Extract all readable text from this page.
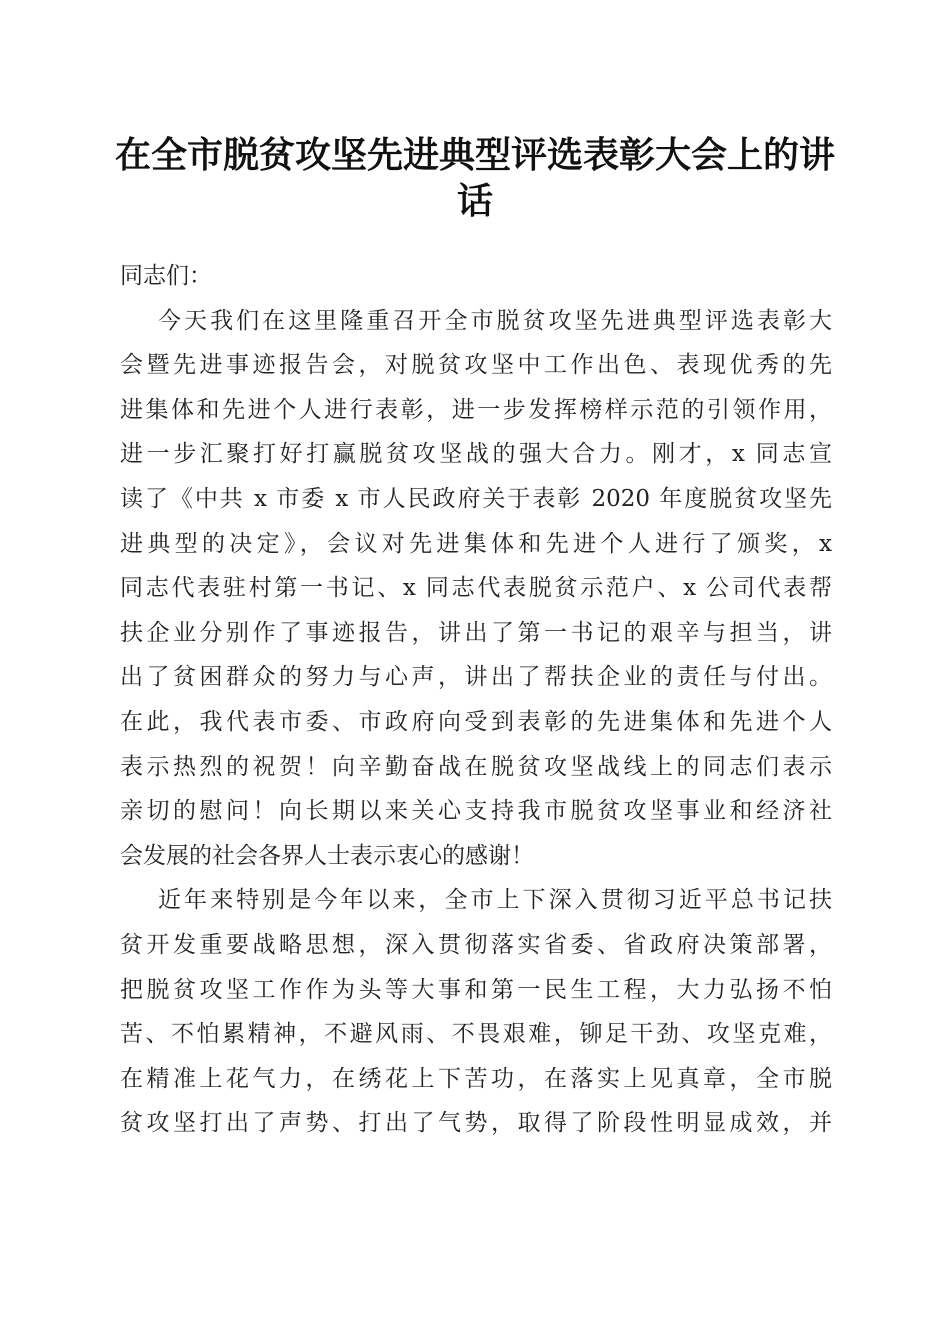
在全市脱贫攻坚先进典型评选表彰大会上的讲
话
同志们：
今天我们在这里隆重召开全市脱贫攻坚先进典型评选表彰大
会暨先进事迹报告会，对脱贫攻坚中工作出色、表现优秀的先
进集体和先进个人进行表彰，进一步发挥榜样示范的引领作用，
进一步汇聚打好打赢脱贫攻坚战的强大合力。刚才，x 同志宣
读了《中共 x 市委 x 市人民政府关于表彰 2020 年度脱贫攻坚先
进典型的决定》，会议对先进集体和先进个人进行了颁奖，x
同志代表驻村第一书记、x 同志代表脱贫示范户、x 公司代表帮
扶企业分别作了事迹报告，讲出了第一书记的艰辛与担当，讲
出了贫困群众的努力与心声，讲出了帮扶企业的责任与付出。
在此，我代表市委、市政府向受到表彰的先进集体和先进个人
表示热烈的祝贺！向辛勤奋战在脱贫攻坚战线上的同志们表示
亲切的慰问！向长期以来关心支持我市脱贫攻坚事业和经济社
会发展的社会各界人士表示衷心的感谢！
近年来特别是今年以来，全市上下深入贯彻习近平总书记扶
贫开发重要战略思想，深入贯彻落实省委、省政府决策部署，
把脱贫攻坚工作作为头等大事和第一民生工程，大力弘扬不怕
苦、不怕累精神，不避风雨、不畏艰难，铆足干劲、攻坚克难，
在精准上花气力，在绣花上下苦功，在落实上见真章，全市脱
贫攻坚打出了声势、打出了气势，取得了阶段性明显成效，并
